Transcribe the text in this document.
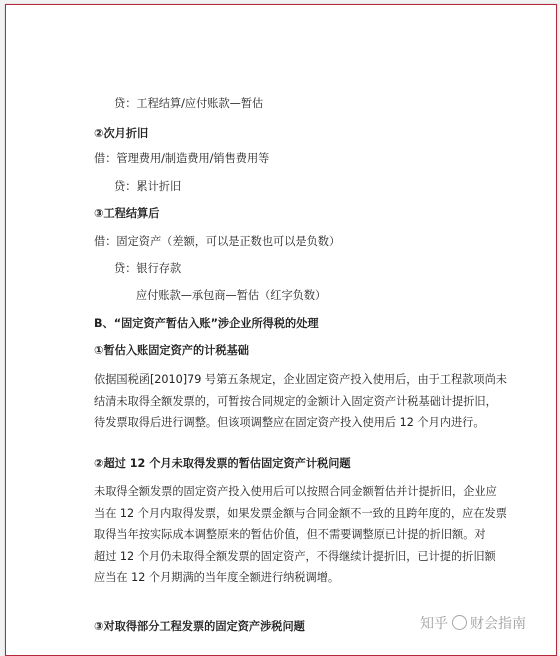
贷：工程结算/应付账款—暂估
②次月折旧
借：管理费用/制造费用/销售费用等
贷：累计折旧
③工程结算后
借：固定资产（差额，可以是正数也可以是负数）
贷：银行存款
应付账款—承包商—暂估（红字负数）
B、“固定资产暂估入账”涉企业所得税的处理
①暂估入账固定资产的计税基础
依据国税函[2010]79 号第五条规定，企业固定资产投入使用后，由于工程款项尚未
结清未取得全额发票的，可暂按合同规定的金额计入固定资产计税基础计提折旧，
待发票取得后进行调整。但该项调整应在固定资产投入使用后 12 个月内进行。
②超过 12 个月未取得发票的暂估固定资产计税问题
未取得全额发票的固定资产投入使用后可以按照合同金额暂估并计提折旧，企业应
当在 12 个月内取得发票，如果发票金额与合同金额不一致的且跨年度的，应在发票
取得当年按实际成本调整原来的暂估价值，但不需要调整原已计提的折旧额。对
超过 12 个月仍未取得全额发票的固定资产，不得继续计提折旧，已计提的折旧额
应当在 12 个月期满的当年度全额进行纳税调增。
③对取得部分工程发票的固定资产涉税问题	知乎 财会指南
